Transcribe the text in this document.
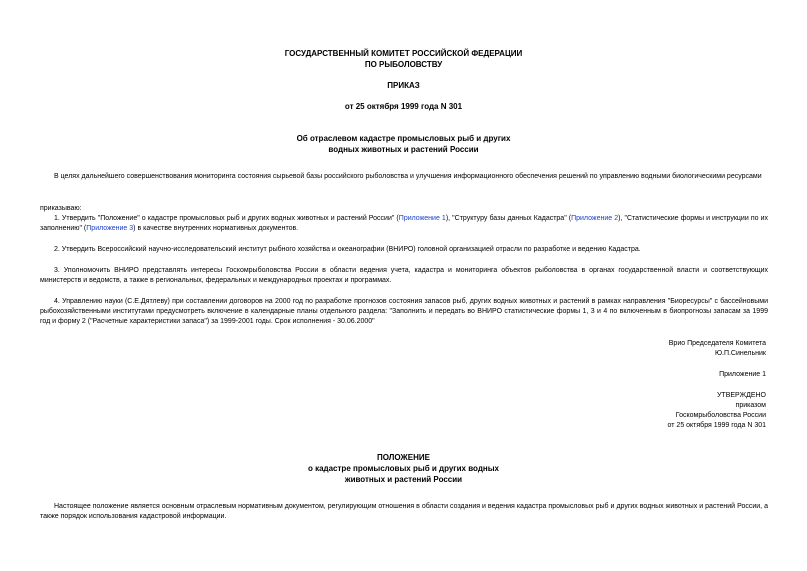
ГОСУДАРСТВЕННЫЙ КОМИТЕТ РОССИЙСКОЙ ФЕДЕРАЦИИ

ПО РЫБОЛОВСТВУ

ПРИКАЗ

от 25 октября 1999 года N 301

Об отраслевом кадастре промысловых рыб и других

водных животных и растений России

В целях дальнейшего совершенствования мониторинга состояния сырьевой базы российского рыболовства и улучшения информационного обеспечения решений по управлению водными биологическими ресурсами

приказываю:

1. Утвердить "Положение" о кадастре промысловых рыб и других водных животных и растений России" (Приложение 1), "Структуру базы данных Кадастра" (Приложение 2), "Статистические формы и инструкции по их заполнению" (Приложение 3) в качестве внутренних нормативных документов.

2. Утвердить Всероссийский научно-исследовательский институт рыбного хозяйства и океанографии (ВНИРО) головной организацией отрасли по разработке и ведению Кадастра.

3. Уполномочить ВНИРО представлять интересы Госкомрыболовства России в области ведения учета, кадастра и мониторинга объектов рыболовства в органах государственной власти и соответствующих министерств и ведомств, а также в региональных, федеральных и международных проектах и программах.

4. Управлению науки (С.Е.Дятлеву) при составлении договоров на 2000 год по разработке прогнозов состояния запасов рыб, других водных животных и растений в рамках направления "Биоресурсы" с бассейновыми рыбохозяйственными институтами предусмотреть включение в календарные планы отдельного раздела: "Заполнить и передать во ВНИРО статистические формы 1, 3 и 4 по включенным в биопрогнозы запасам за 1999 год и форму 2 ("Расчетные характеристики запаса") за 1999-2001 годы. Срок исполнения - 30.06.2000"

Врио Председателя Комитета
Ю.П.Синельник

Приложение 1

УТВЕРЖДЕНО
приказом
Госкомрыболовства России
от 25 октября 1999 года N 301

ПОЛОЖЕНИЕ

о кадастре промысловых рыб и других водных

животных и растений России

Настоящее положение является основным отраслевым нормативным документом, регулирующим отношения в области создания и ведения кадастра промысловых рыб и других водных животных и растений России, а также порядок использования кадастровой информации.
